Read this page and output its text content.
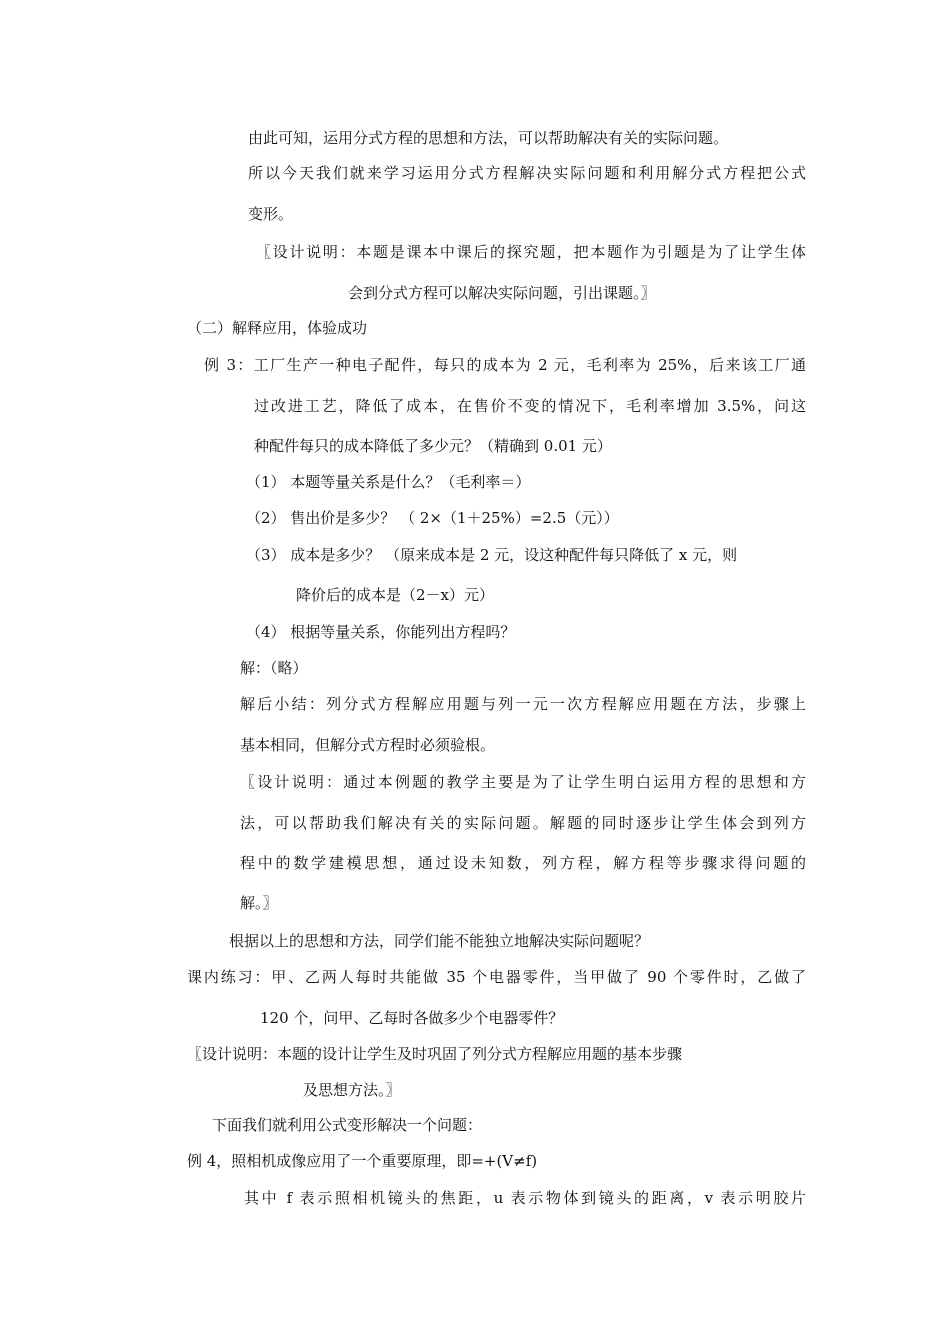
由此可知，运用分式方程的思想和方法，可以帮助解决有关的实际问题。
所以今天我们就来学习运用分式方程解决实际问题和利用解分式方程把公式
变形。
〖设计说明：本题是课本中课后的探究题，把本题作为引题是为了让学生体
会到分式方程可以解决实际问题，引出课题。〗
（二）解释应用，体验成功
例 3：工厂生产一种电子配件，每只的成本为 2 元，毛利率为 25%，后来该工厂通
过改进工艺，降低了成本，在售价不变的情况下，毛利率增加 3.5%，问这
种配件每只的成本降低了多少元？（精确到 0.01 元）
（1） 本题等量关系是什么？（毛利率＝）
（2） 售出价是多少？ （ 2×（1＋25%）=2.5（元））
（3） 成本是多少？ （原来成本是 2 元，设这种配件每只降低了 x 元，则
降价后的成本是（2－x）元）
（4） 根据等量关系，你能列出方程吗？
解：（略）
解后小结：列分式方程解应用题与列一元一次方程解应用题在方法，步骤上
基本相同，但解分式方程时必须验根。
〖设计说明：通过本例题的教学主要是为了让学生明白运用方程的思想和方
法，可以帮助我们解决有关的实际问题。解题的同时逐步让学生体会到列方
程中的数学建模思想，通过设未知数，列方程，解方程等步骤求得问题的
解。〗
根据以上的思想和方法，同学们能不能独立地解决实际问题呢？
课内练习：甲、乙两人每时共能做 35 个电器零件，当甲做了 90 个零件时，乙做了
120 个，问甲、乙每时各做多少个电器零件？
〖设计说明：本题的设计让学生及时巩固了列分式方程解应用题的基本步骤
及思想方法。〗
下面我们就利用公式变形解决一个问题：
例 4，照相机成像应用了一个重要原理，即=+(V≠f)
其中 f 表示照相机镜头的焦距，u 表示物体到镜头的距离，v 表示明胶片
